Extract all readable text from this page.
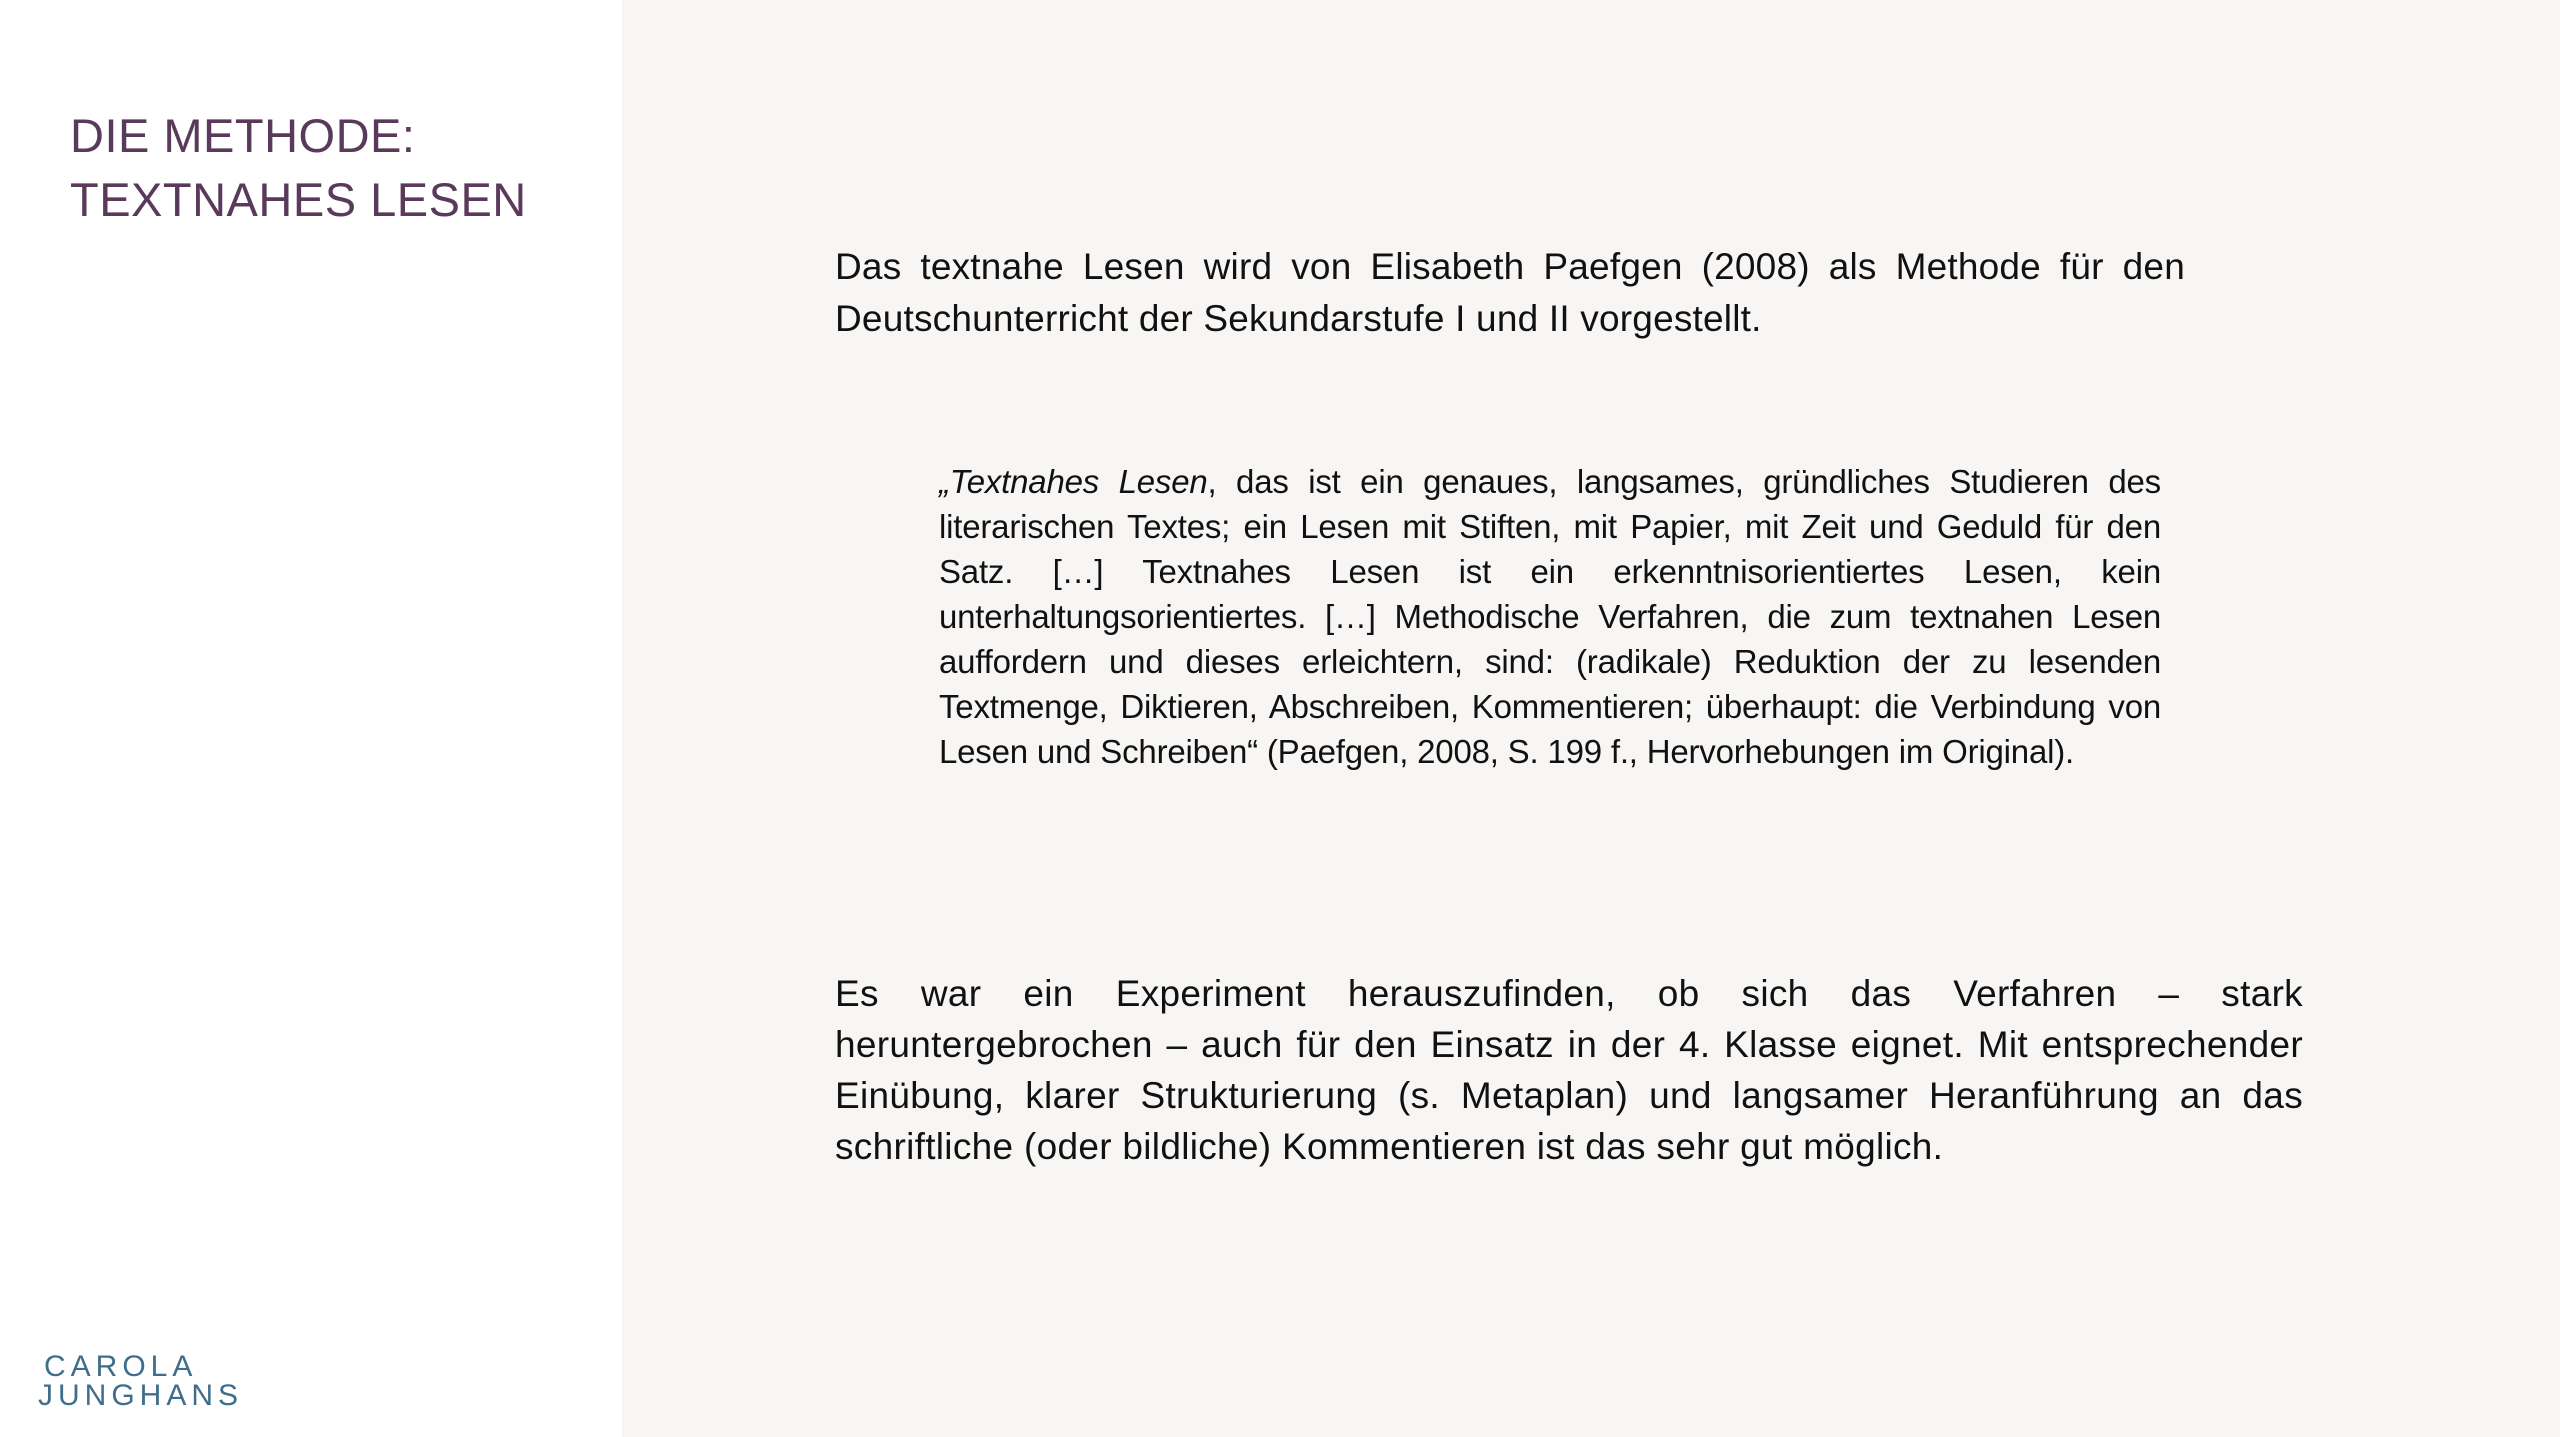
DIE METHODE:
TEXTNAHES LESEN
CAROLA
JUNGHANS

Das textnahe Lesen wird von Elisabeth Paefgen (2008) als Methode für den Deutschunterricht der Sekundarstufe I und II vorgestellt.

„Textnahes Lesen, das ist ein genaues, langsames, gründliches Studieren des literarischen Textes; ein Lesen mit Stiften, mit Papier, mit Zeit und Geduld für den Satz. […] Textnahes Lesen ist ein erkenntnisorientiertes Lesen, kein unterhaltungsorientiertes. […] Methodische Verfahren, die zum textnahen Lesen auffordern und dieses erleichtern, sind: (radikale) Reduktion der zu lesenden Textmenge, Diktieren, Abschreiben, Kommentieren; überhaupt: die Verbindung von Lesen und Schreiben“ (Paefgen, 2008, S. 199 f., Hervorhebungen im Original).

Es war ein Experiment herauszufinden, ob sich das Verfahren – stark heruntergebrochen – auch für den Einsatz in der 4. Klasse eignet. Mit entsprechender Einübung, klarer Strukturierung (s. Metaplan) und langsamer Heranführung an das schriftliche (oder bildliche) Kommentieren ist das sehr gut möglich.
